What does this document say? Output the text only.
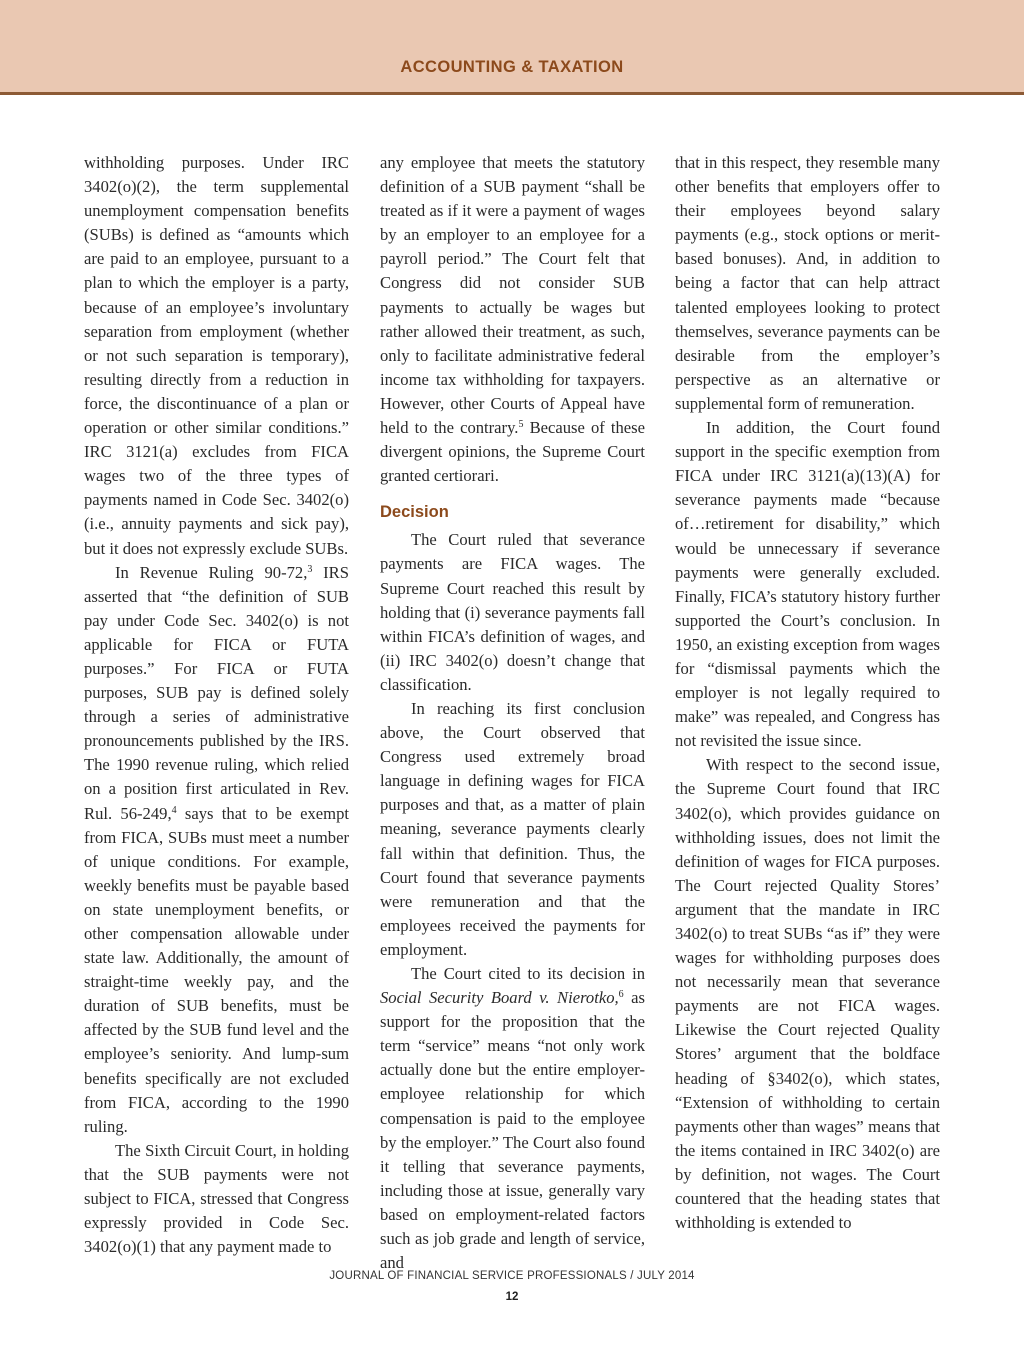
ACCOUNTING & TAXATION

withholding purposes. Under IRC 3402(o)(2), the term supplemental unemployment compensation benefits (SUBs) is defined as “amounts which are paid to an employee, pursuant to a plan to which the employer is a party, because of an employee’s involuntary separation from employment (whether or not such separation is temporary), resulting directly from a reduction in force, the discontinuance of a plan or operation or other similar conditions.” IRC 3121(a) excludes from FICA wages two of the three types of payments named in Code Sec. 3402(o) (i.e., annuity payments and sick pay), but it does not expressly exclude SUBs.

In Revenue Ruling 90-72,$^3$ IRS asserted that “the definition of SUB pay under Code Sec. 3402(o) is not applicable for FICA or FUTA purposes.” For FICA or FUTA purposes, SUB pay is defined solely through a series of administrative pronouncements published by the IRS. The 1990 revenue ruling, which relied on a position first articulated in Rev. Rul. 56-249,$^4$ says that to be exempt from FICA, SUBs must meet a number of unique conditions. For example, weekly benefits must be payable based on state unemployment benefits, or other compensation allowable under state law. Additionally, the amount of straight-time weekly pay, and the duration of SUB benefits, must be affected by the SUB fund level and the employee’s seniority. And lump-sum benefits specifically are not excluded from FICA, according to the 1990 ruling.

The Sixth Circuit Court, in holding that the SUB payments were not subject to FICA, stressed that Congress expressly provided in Code Sec. 3402(o)(1) that any payment made to

any employee that meets the statutory definition of a SUB payment “shall be treated as if it were a payment of wages by an employer to an employee for a payroll period.” The Court felt that Congress did not consider SUB payments to actually be wages but rather allowed their treatment, as such, only to facilitate administrative federal income tax withholding for taxpayers. However, other Courts of Appeal have held to the contrary.$^5$ Because of these divergent opinions, the Supreme Court granted certiorari.

Decision

The Court ruled that severance payments are FICA wages. The Supreme Court reached this result by holding that (i) severance payments fall within FICA’s definition of wages, and (ii) IRC 3402(o) doesn’t change that classification.

In reaching its first conclusion above, the Court observed that Congress used extremely broad language in defining wages for FICA purposes and that, as a matter of plain meaning, severance payments clearly fall within that definition. Thus, the Court found that severance payments were remuneration and that the employees received the payments for employment.

The Court cited to its decision in Social Security Board v. Nierotko,$^6$ as support for the proposition that the term “service” means “not only work actually done but the entire employer-employee relationship for which compensation is paid to the employee by the employer.” The Court also found it telling that severance payments, including those at issue, generally vary based on employment-related factors such as job grade and length of service, and

that in this respect, they resemble many other benefits that employers offer to their employees beyond salary payments (e.g., stock options or merit-based bonuses). And, in addition to being a factor that can help attract talented employees looking to protect themselves, severance payments can be desirable from the employer’s perspective as an alternative or supplemental form of remuneration.

In addition, the Court found support in the specific exemption from FICA under IRC 3121(a)(13)(A) for severance payments made “because of…retirement for disability,” which would be unnecessary if severance payments were generally excluded. Finally, FICA’s statutory history further supported the Court’s conclusion. In 1950, an existing exception from wages for “dismissal payments which the employer is not legally required to make” was repealed, and Congress has not revisited the issue since.

With respect to the second issue, the Supreme Court found that IRC 3402(o), which provides guidance on withholding issues, does not limit the definition of wages for FICA purposes. The Court rejected Quality Stores’ argument that the mandate in IRC 3402(o) to treat SUBs “as if” they were wages for withholding purposes does not necessarily mean that severance payments are not FICA wages. Likewise the Court rejected Quality Stores’ argument that the boldface heading of §3402(o), which states, “Extension of withholding to certain payments other than wages” means that the items contained in IRC 3402(o) are by definition, not wages. The Court countered that the heading states that withholding is extended to

JOURNAL OF FINANCIAL SERVICE PROFESSIONALS / JULY 2014
12
